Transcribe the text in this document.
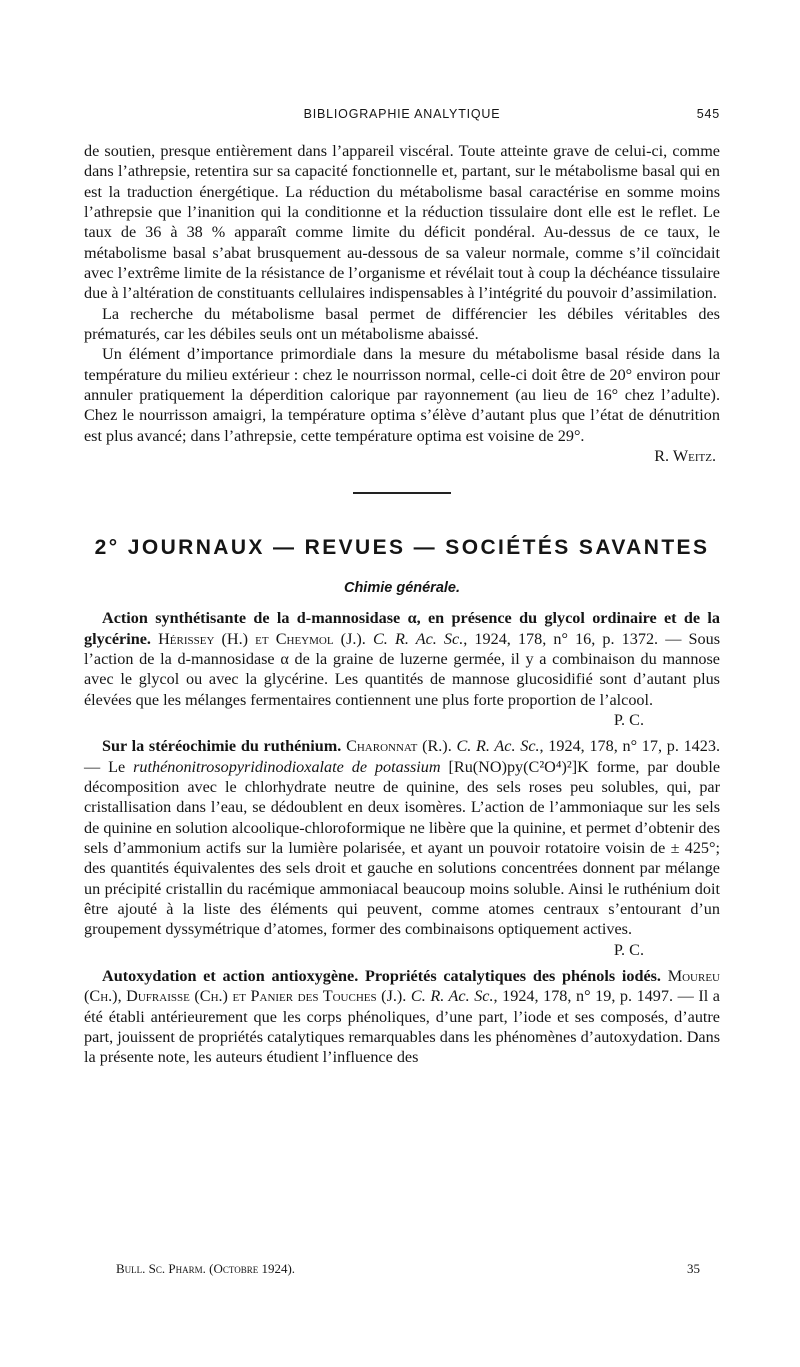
BIBLIOGRAPHIE ANALYTIQUE	545

de soutien, presque entièrement dans l’appareil viscéral. Toute atteinte grave de celui-ci, comme dans l’athrepsie, retentira sur sa capacité fonctionnelle et, partant, sur le métabolisme basal qui en est la traduction énergétique. La réduction du métabolisme basal caractérise en somme moins l’athrepsie que l’inanition qui la conditionne et la réduction tissulaire dont elle est le reflet. Le taux de 36 à 38 % apparaît comme limite du déficit pondéral. Au-dessus de ce taux, le métabolisme basal s’abat brusquement au-dessous de sa valeur normale, comme s’il coïncidait avec l’extrême limite de la résistance de l’organisme et révélait tout à coup la déchéance tissulaire due à l’altération de constituants cellulaires indispensables à l’intégrité du pouvoir d’assimilation.

La recherche du métabolisme basal permet de différencier les débiles véritables des prématurés, car les débiles seuls ont un métabolisme abaissé.

Un élément d’importance primordiale dans la mesure du métabolisme basal réside dans la température du milieu extérieur : chez le nourrisson normal, celle-ci doit être de 20° environ pour annuler pratiquement la déperdition calorique par rayonnement (au lieu de 16° chez l’adulte). Chez le nourrisson amaigri, la température optima s’élève d’autant plus que l’état de dénutrition est plus avancé; dans l’athrepsie, cette température optima est voisine de 29°.

R. Weitz.

2° JOURNAUX — REVUES — SOCIÉTÉS SAVANTES
Chimie générale.

Action synthétisante de la d-mannosidase α, en présence du glycol ordinaire et de la glycérine. Hérissey (H.) et Cheymol (J.). C. R. Ac. Sc., 1924, 178, n° 16, p. 1372. — Sous l’action de la d-mannosidase α de la graine de luzerne germée, il y a combinaison du mannose avec le glycol ou avec la glycérine. Les quantités de mannose glucosidifié sont d’autant plus élevées que les mélanges fermentaires contiennent une plus forte proportion de l’alcool.

P. C.

Sur la stéréochimie du ruthénium. Charonnat (R.). C. R. Ac. Sc., 1924, 178, n° 17, p. 1423. — Le ruthénonitrosopyridinodioxalate de potassium [Ru(NO)py(C²O⁴)²]K forme, par double décomposition avec le chlorhydrate neutre de quinine, des sels roses peu solubles, qui, par cristallisation dans l’eau, se dédoublent en deux isomères. L’action de l’ammoniaque sur les sels de quinine en solution alcoolique-chloroformique ne libère que la quinine, et permet d’obtenir des sels d’ammonium actifs sur la lumière polarisée, et ayant un pouvoir rotatoire voisin de ± 425°; des quantités équivalentes des sels droit et gauche en solutions concentrées donnent par mélange un précipité cristallin du racémique ammoniacal beaucoup moins soluble. Ainsi le ruthénium doit être ajouté à la liste des éléments qui peuvent, comme atomes centraux s’entourant d’un groupement dyssymétrique d’atomes, former des combinaisons optiquement actives.

P. C.

Autoxydation et action antioxygène. Propriétés catalytiques des phénols iodés. Moureu (Ch.), Dufraisse (Ch.) et Panier des Touches (J.). C. R. Ac. Sc., 1924, 178, n° 19, p. 1497. — Il a été établi antérieurement que les corps phénoliques, d’une part, l’iode et ses composés, d’autre part, jouissent de propriétés catalytiques remarquables dans les phénomènes d’autoxydation. Dans la présente note, les auteurs étudient l’influence des

Bull. Sc. Pharm. (Octobre 1924).	35
